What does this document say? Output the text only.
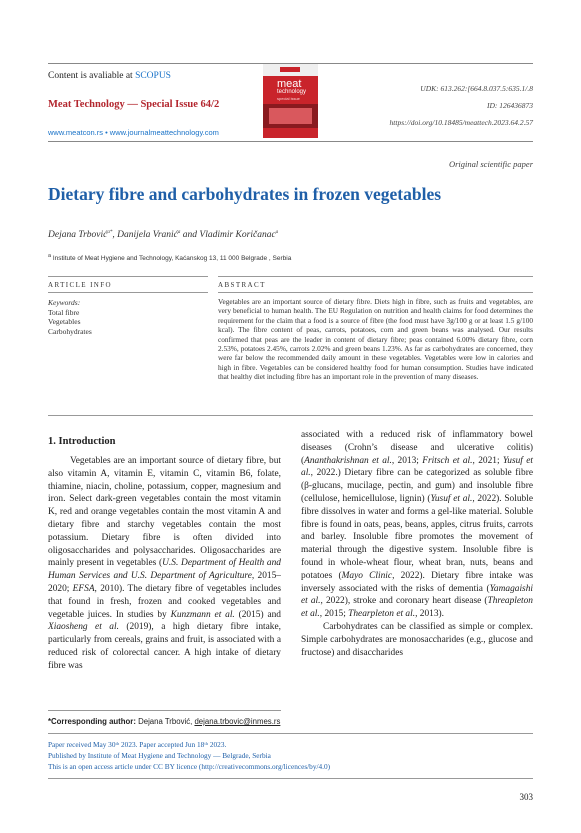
Content is avaliable at SCOPUS
Meat Technology — Special Issue 64/2
www.meatcon.rs • www.journalmeattechnology.com
meat
technology
special issue
UDK: 613.262:[664.8.037.5:635.1/.8
ID: 126436873
https://doi.org/10.18485/meattech.2023.64.2.57
Original scientific paper
Dietary fibre and carbohydrates in frozen vegetables
Dejana Trbović$^{a*}$, Danijela Vranić$^a$ and Vladimir Koričanac$^a$
$^a$ Institute of Meat Hygiene and Technology, Kaćanskog 13, 11 000 Belgrade , Serbia
ARTICLE INFO	ABSTRACT
Keywords:
Total fibre
Vegetables
Carbohydrates
Vegetables are an important source of dietary fibre. Diets high in fibre, such as fruits and vegetables, are very beneficial to human health. The EU Regulation on nutrition and health claims for food determines the requirement for the claim that a food is a source of fibre (the food must have 3g/100 g or at least 1.5 g/100 kcal). The fibre content of peas, carrots, potatoes, corn and green beans was analysed. Our results confirmed that peas are the leader in content of dietary fibre; peas contained 6.00% dietary fibre, corn 2.53%, potatoes 2.45%, carrots 2.02% and green beans 1.23%. As far as carbohydrates are concerned, they were far below the recommended daily amount in these vegetables. Vegetables were low in calories and high in fibre. Vegetables can be considered healthy food for human consumption. Studies have indicated that healthy diet including fibre has an important role in the prevention of many diseases.
1. Introduction

Vegetables are an important source of dietary fibre, but also vitamin A, vitamin E, vitamin C, vitamin B6, folate, thiamine, niacin, choline, potassium, copper, magnesium and iron. Select dark-green vegetables contain the most vitamin K, red and orange vegetables contain the most vitamin A and dietary fibre and starchy vegetables contain the most potassium. Dietary fibre is often divided into oligosaccharides and polysaccharides. Oligosaccharides are mainly present in vegetables (U.S. Department of Health and Human Services and U.S. Department of Agriculture, 2015–2020; EFSA, 2010). The dietary fibre of vegetables includes that found in fresh, frozen and cooked vegetables and vegetable juices. In studies by Kunzmann et al. (2015) and Xiaosheng et al. (2019), a high dietary fibre intake, particularly from cereals, grains and fruit, is associated with a reduced risk of colorectal cancer. A high intake of dietary fibre was

associated with a reduced risk of inflammatory bowel diseases (Crohn’s disease and ulcerative colitis) (Ananthakrishnan et al., 2013; Fritsch et al., 2021; Yusuf et al., 2022.) Dietary fibre can be categorized as soluble fibre (β-glucans, mucilage, pectin, and gum) and insoluble fibre (cellulose, hemicellulose, lignin) (Yusuf et al., 2022). Soluble fibre dissolves in water and forms a gel-like material. Soluble fibre is found in oats, peas, beans, apples, citrus fruits, carrots and barley. Insoluble fibre promotes the movement of material through the digestive system. Insoluble fibre is found in whole-wheat flour, wheat bran, nuts, beans and potatoes (Mayo Clinic, 2022). Dietary fibre intake was inversely associated with the risks of dementia (Yamagaishi et al., 2022), stroke and coronary heart disease (Threapleton et al., 2015; Thearpleton et al., 2013).

Carbohydrates can be classified as simple or complex. Simple carbohydrates are monosaccharides (e.g., glucose and fructose) and disaccharides

*Corresponding author: Dejana Trbović, dejana.trbovic@inmes.rs
Paper received May 30ᵗʰ 2023. Paper accepted Jun 18ᵗʰ 2023.
Published by Institute of Meat Hygiene and Technology — Belgrade, Serbia
This is an open access article under CC BY licence (http://creativecommons.org/licences/by/4.0)
303
